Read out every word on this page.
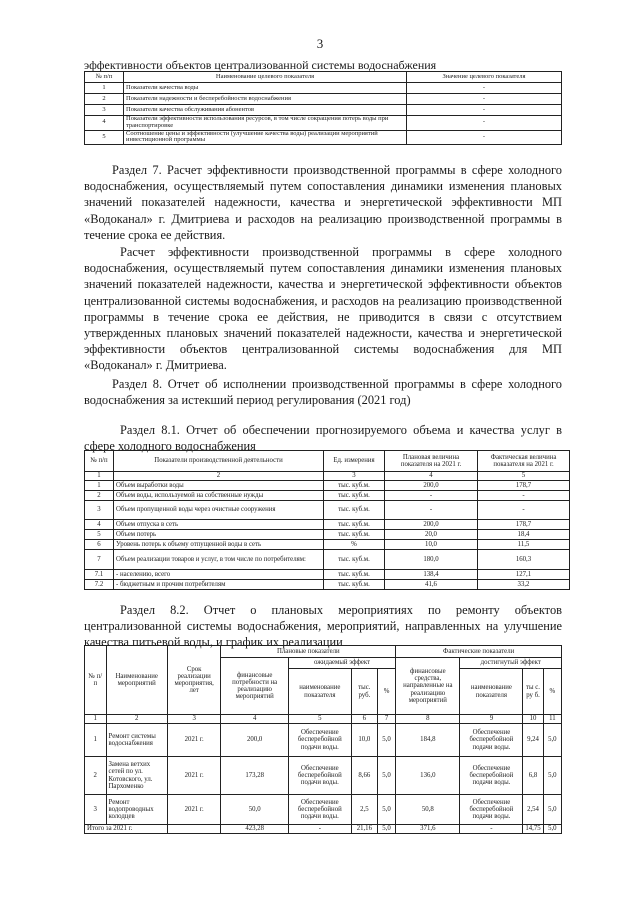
3
эффективности объектов централизованной системы водоснабжения
№ п/п	Наименование целевого показателя	Значение целевого показателя
1	Показатели качества воды	-
2	Показатели надежности и бесперебойности водоснабжения	-
3	Показатели качества обслуживания абонентов	-
4	Показатели эффективности использования ресурсов, в том числе сокращения потерь воды при транспортировке	-
5	Соотношение цены и эффективности (улучшение качества воды) реализации мероприятий инвестиционной программы	-
Раздел 7. Расчет эффективности производственной программы в сфере холодного водоснабжения, осуществляемый путем сопоставления динамики изменения плановых значений показателей надежности, качества и энергетической эффективности МП «Водоканал» г. Дмитриева и расходов на реализацию производственной программы в течение срока ее действия.
Расчет эффективности производственной программы в сфере холодного водоснабжения, осуществляемый путем сопоставления динамики изменения плановых значений показателей надежности, качества и энергетической эффективности объектов централизованной системы водоснабжения, и расходов на реализацию производственной программы в течение срока ее действия, не приводится в связи с отсутствием утвержденных плановых значений показателей надежности, качества и энергетической эффективности объектов централизованной системы водоснабжения для МП «Водоканал» г. Дмитриева.
Раздел 8. Отчет об исполнении производственной программы в сфере холодного водоснабжения за истекший период регулирования (2021 год)
Раздел 8.1. Отчет об обеспечении прогнозируемого объема и качества услуг в сфере холодного водоснабжения
№ п/п	Показатели производственной деятельности	Ед. измерения	Плановая величина показателя на 2021 г.	Фактическая величина показателя на 2021 г.
1	2	3	4	5
1	Объем выработки воды	тыс. куб.м.	200,0	178,7
2	Объем воды, используемой на собственные нужды	тыс. куб.м.	-	-
3	Объем пропущенной воды через очистные сооружения	тыс. куб.м.	-	-
4	Объем отпуска в сеть	тыс. куб.м.	200,0	178,7
5	Объем потерь	тыс. куб.м.	20,0	18,4
6	Уровень потерь к объему отпущенной воды в сеть	%	10,0	11,5
7	Объем реализации товаров и услуг, в том числе по потребителям:	тыс. куб.м.	180,0	160,3
7.1	- населению, всего	тыс. куб.м.	138,4	127,1
7.2	- бюджетным и прочим потребителям	тыс. куб.м.	41,6	33,2
Раздел 8.2. Отчет о плановых мероприятиях по ремонту объектов централизованной системы водоснабжения, мероприятий, направленных на улучшение качества питьевой воды, и график их реализации
№ п/ п	Наименование мероприятий	Срок реализации мероприятия, лет	Плановые показатели				Фактические показатели			
			финансовые потребности на реализацию мероприятий	ожидаемый эффект			финансовые средства, направленные на реализацию мероприятий	достигнутый эффект		
				наименование показателя	тыс. руб.	%		наименование показателя	ты с. ру б.	%
1	2	3	4	5	6	7	8	9	10	11
1	Ремонт системы водоснабжения	2021 г.	200,0	Обеспечение бесперебойной подачи воды.	10,0	5,0	184,8	Обеспечение бесперебойной подачи воды.	9,24	5,0
2	Замена ветхих сетей по ул. Котовского, ул. Пархоменко	2021 г.	173,28	Обеспечение бесперебойной подачи воды.	8,66	5,0	136,0	Обеспечение бесперебойной подачи воды.	6,8	5,0
3	Ремонт водопроводных колодцев	2021 г.	50,0	Обеспечение бесперебойной подачи воды.	2,5	5,0	50,8	Обеспечение бесперебойной подачи воды.	2,54	5,0
Итого за 2021 г.			423,28	-	21,16	5,0	371,6	-	14,75	5,0
